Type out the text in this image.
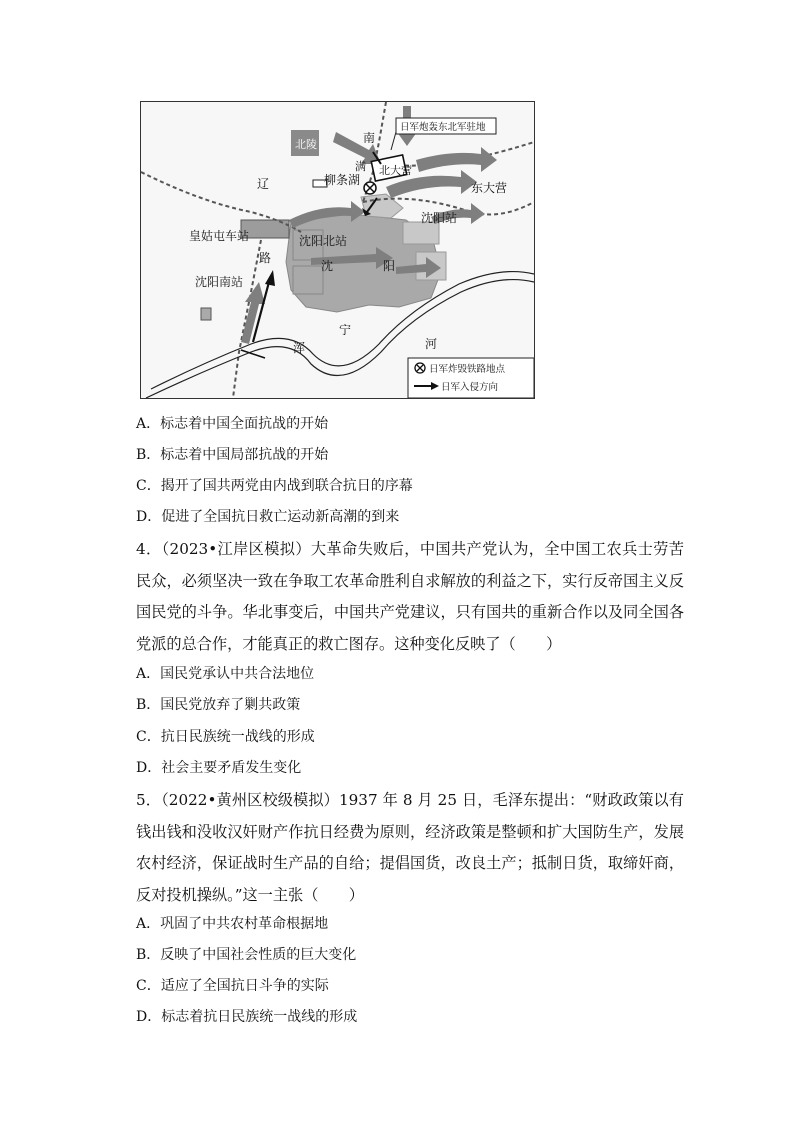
北陵	南
北大营
柳条湖
满
辽	东大营
沈阳站
沈阳北站
皇姑屯车站
沈阳南站
路
沈	阳
浑
宁
河
日军炮轰东北军驻地
日军炸毁铁路地点
日军入侵方向
A．标志着中国全面抗战的开始
B．标志着中国局部抗战的开始
C．揭开了国共两党由内战到联合抗日的序幕
D．促进了全国抗日救亡运动新高潮的到来

4．（2023•江岸区模拟）大革命失败后，中国共产党认为，全中国工农兵士劳苦民众，必须坚决一致在争取工农革命胜利自求解放的利益之下，实行反帝国主义反国民党的斗争。华北事变后，中国共产党建议，只有国共的重新合作以及同全国各党派的总合作，才能真正的救亡图存。这种变化反映了（　　）

A．国民党承认中共合法地位
B．国民党放弃了剿共政策
C．抗日民族统一战线的形成
D．社会主要矛盾发生变化

5．（2022•黄州区校级模拟）1937 年 8 月 25 日，毛泽东提出：“财政政策以有钱出钱和没收汉奸财产作抗日经费为原则，经济政策是整顿和扩大国防生产，发展农村经济，保证战时生产品的自给；提倡国货，改良土产；抵制日货，取缔奸商，反对投机操纵。”这一主张（　　）

A．巩固了中共农村革命根据地
B．反映了中国社会性质的巨大变化
C．适应了全国抗日斗争的实际
D．标志着抗日民族统一战线的形成
